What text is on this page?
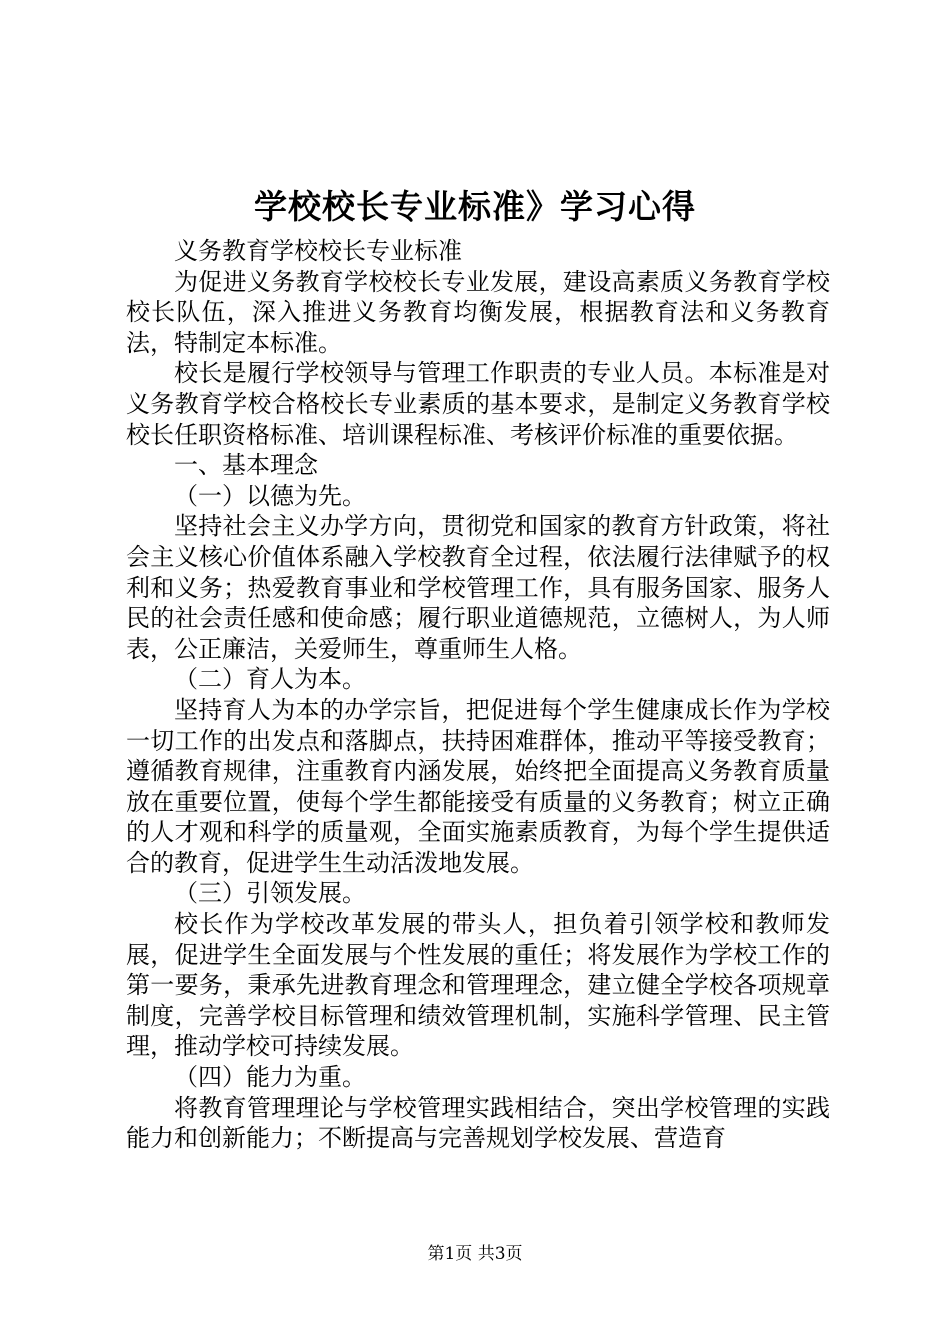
学校校长专业标准》学习心得

义务教育学校校长专业标准

为促进义务教育学校校长专业发展，建设高素质义务教育学校校长队伍，深入推进义务教育均衡发展，根据教育法和义务教育法，特制定本标准。

校长是履行学校领导与管理工作职责的专业人员。本标准是对义务教育学校合格校长专业素质的基本要求，是制定义务教育学校校长任职资格标准、培训课程标准、考核评价标准的重要依据。

一、基本理念

（一）以德为先。

坚持社会主义办学方向，贯彻党和国家的教育方针政策，将社会主义核心价值体系融入学校教育全过程，依法履行法律赋予的权利和义务；热爱教育事业和学校管理工作，具有服务国家、服务人民的社会责任感和使命感；履行职业道德规范，立德树人，为人师表，公正廉洁，关爱师生，尊重师生人格。

（二）育人为本。

坚持育人为本的办学宗旨，把促进每个学生健康成长作为学校一切工作的出发点和落脚点，扶持困难群体，推动平等接受教育；遵循教育规律，注重教育内涵发展，始终把全面提高义务教育质量放在重要位置，使每个学生都能接受有质量的义务教育；树立正确的人才观和科学的质量观，全面实施素质教育，为每个学生提供适合的教育，促进学生生动活泼地发展。

（三）引领发展。

校长作为学校改革发展的带头人，担负着引领学校和教师发展，促进学生全面发展与个性发展的重任；将发展作为学校工作的第一要务，秉承先进教育理念和管理理念，建立健全学校各项规章制度，完善学校目标管理和绩效管理机制，实施科学管理、民主管理，推动学校可持续发展。

（四）能力为重。

将教育管理理论与学校管理实践相结合，突出学校管理的实践能力和创新能力；不断提高与完善规划学校发展、营造育

第1页 共3页
